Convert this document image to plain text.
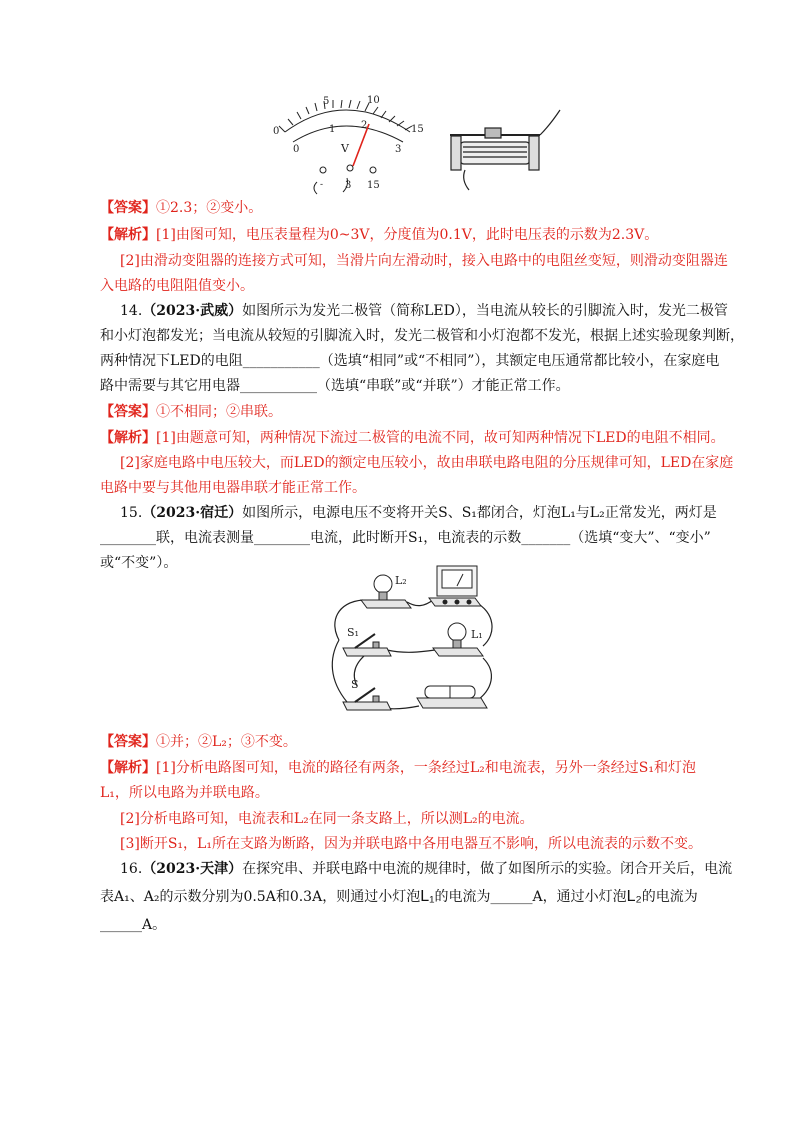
5	10
15
0	1	2
0	3
V
- 3 15
【答案】①2.3；②变小。
【解析】[1]由图可知，电压表量程为0~3V，分度值为0.1V，此时电压表的示数为2.3V。
[2]由滑动变阻器的连接方式可知，当滑片向左滑动时，接入电路中的电阻丝变短，则滑动变阻器连
入电路的电阻阻值变小。
14.（2023·武威）如图所示为发光二极管（简称LED），当电流从较长的引脚流入时，发光二极管
和小灯泡都发光；当电流从较短的引脚流入时，发光二极管和小灯泡都不发光，根据上述实验现象判断，
两种情况下LED的电阻___________（选填“相同”或“不相同”），其额定电压通常都比较小，在家庭电
路中需要与其它用电器___________（选填“串联”或“并联”）才能正常工作。
【答案】①不相同；②串联。
【解析】[1]由题意可知，两种情况下流过二极管的电流不同，故可知两种情况下LED的电阻不相同。
[2]家庭电路中电压较大，而LED的额定电压较小，故由串联电路电阻的分压规律可知，LED在家庭
电路中要与其他用电器串联才能正常工作。
15.（2023·宿迁）如图所示，电源电压不变将开关S、S₁都闭合，灯泡L₁与L₂正常发光，两灯是
________联，电流表测量________电流，此时断开S₁，电流表的示数_______（选填“变大”、“变小”
或“不变”）。
L₂
S₁	L₁
S
【答案】①并；②L₂；③不变。
【解析】[1]分析电路图可知，电流的路径有两条，一条经过L₂和电流表，另外一条经过S₁和灯泡
L₁，所以电路为并联电路。
[2]分析电路可知，电流表和L₂在同一条支路上，所以测L₂的电流。
[3]断开S₁，L₁所在支路为断路，因为并联电路中各用电器互不影响，所以电流表的示数不变。
16.（2023·天津）在探究串、并联电路中电流的规律时，做了如图所示的实验。闭合开关后，电流
表A₁、A₂的示数分别为0.5A和0.3A，则通过小灯泡L₁的电流为______A，通过小灯泡L₂的电流为
______A。
